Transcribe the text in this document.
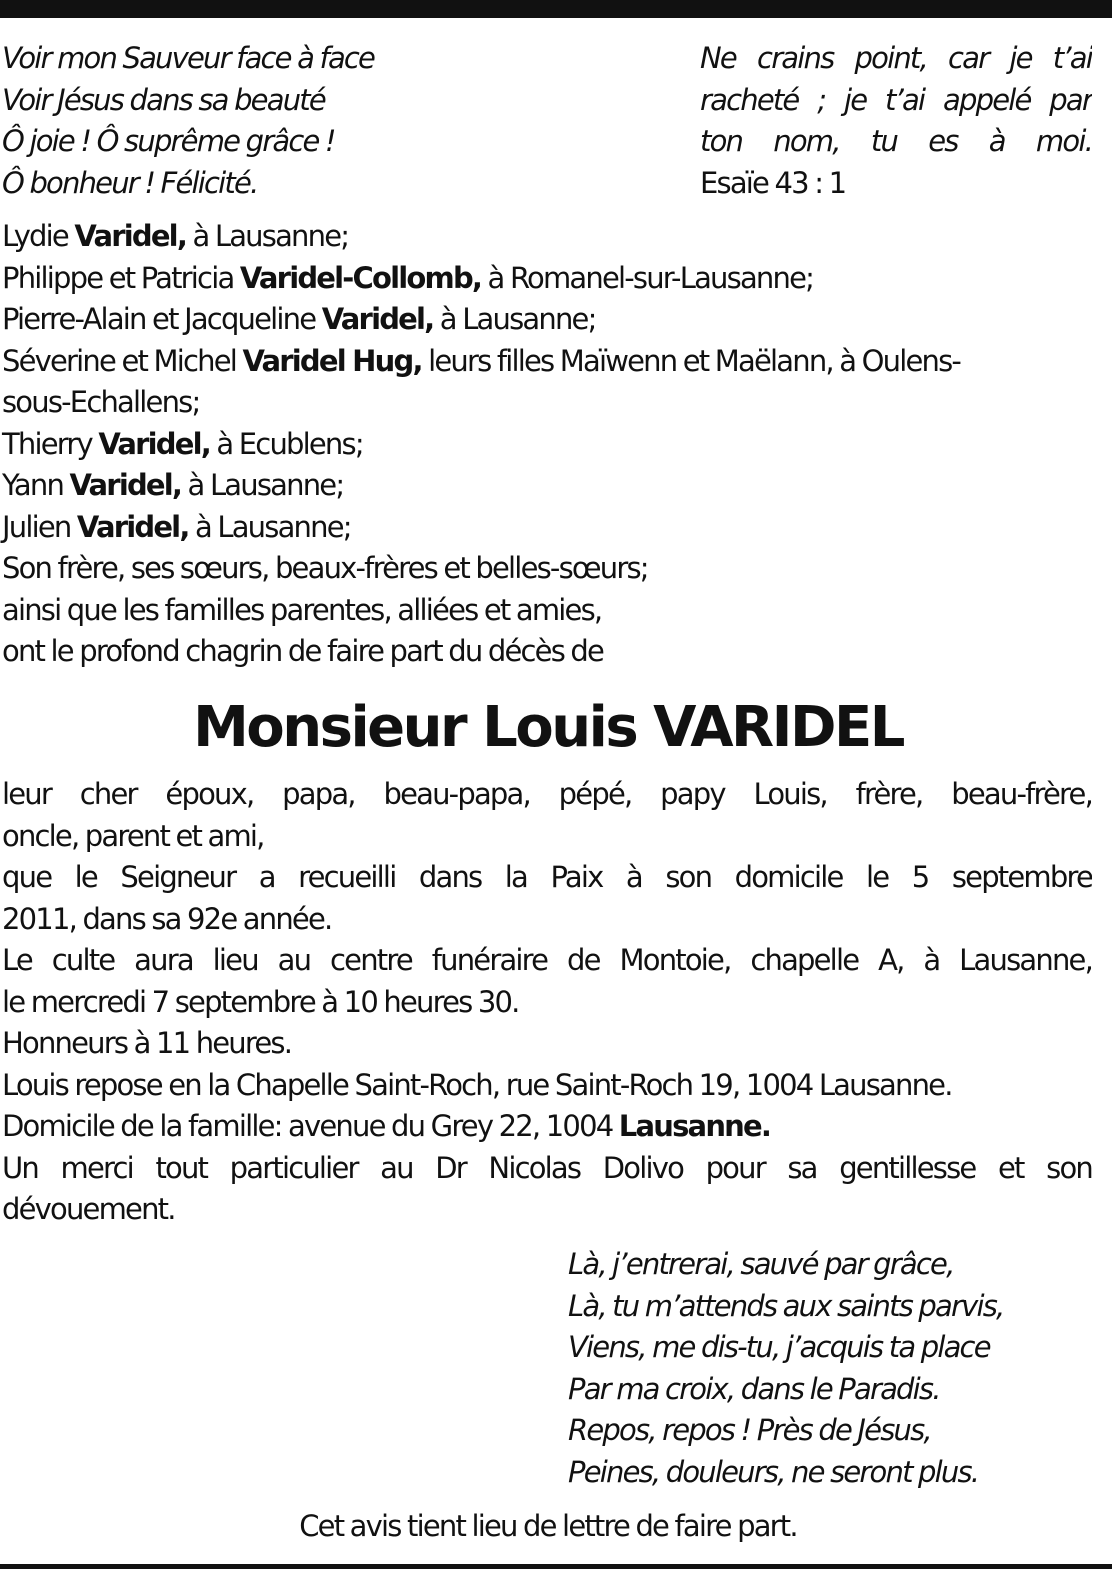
Voir mon Sauveur face à face
Voir Jésus dans sa beauté
Ô joie ! Ô suprême grâce !
Ô bonheur ! Félicité.
Ne crains point, car je t’ai
racheté ; je t’ai appelé par
ton nom, tu es à moi.
Esaïe 43 : 1
Lydie Varidel, à Lausanne;
Philippe et Patricia Varidel-Collomb, à Romanel-sur-Lausanne;
Pierre-Alain et Jacqueline Varidel, à Lausanne;
Séverine et Michel Varidel Hug, leurs filles Maïwenn et Maëlann, à Oulens-
sous-Echallens;
Thierry Varidel, à Ecublens;
Yann Varidel, à Lausanne;
Julien Varidel, à Lausanne;
Son frère, ses sœurs, beaux-frères et belles-sœurs;
ainsi que les familles parentes, alliées et amies,
ont le profond chagrin de faire part du décès de
Monsieur Louis VARIDEL
leur cher époux, papa, beau-papa, pépé, papy Louis, frère, beau-frère,
oncle, parent et ami,
que le Seigneur a recueilli dans la Paix à son domicile le 5 septembre
2011, dans sa 92e année.
Le culte aura lieu au centre funéraire de Montoie, chapelle A, à Lausanne,
le mercredi 7 septembre à 10 heures 30.
Honneurs à 11 heures.
Louis repose en la Chapelle Saint-Roch, rue Saint-Roch 19, 1004 Lausanne.
Domicile de la famille: avenue du Grey 22, 1004 Lausanne.
Un merci tout particulier au Dr Nicolas Dolivo pour sa gentillesse et son
dévouement.
Là, j’entrerai, sauvé par grâce,
Là, tu m’attends aux saints parvis,
Viens, me dis-tu, j’acquis ta place
Par ma croix, dans le Paradis.
Repos, repos ! Près de Jésus,
Peines, douleurs, ne seront plus.
Cet avis tient lieu de lettre de faire part.
